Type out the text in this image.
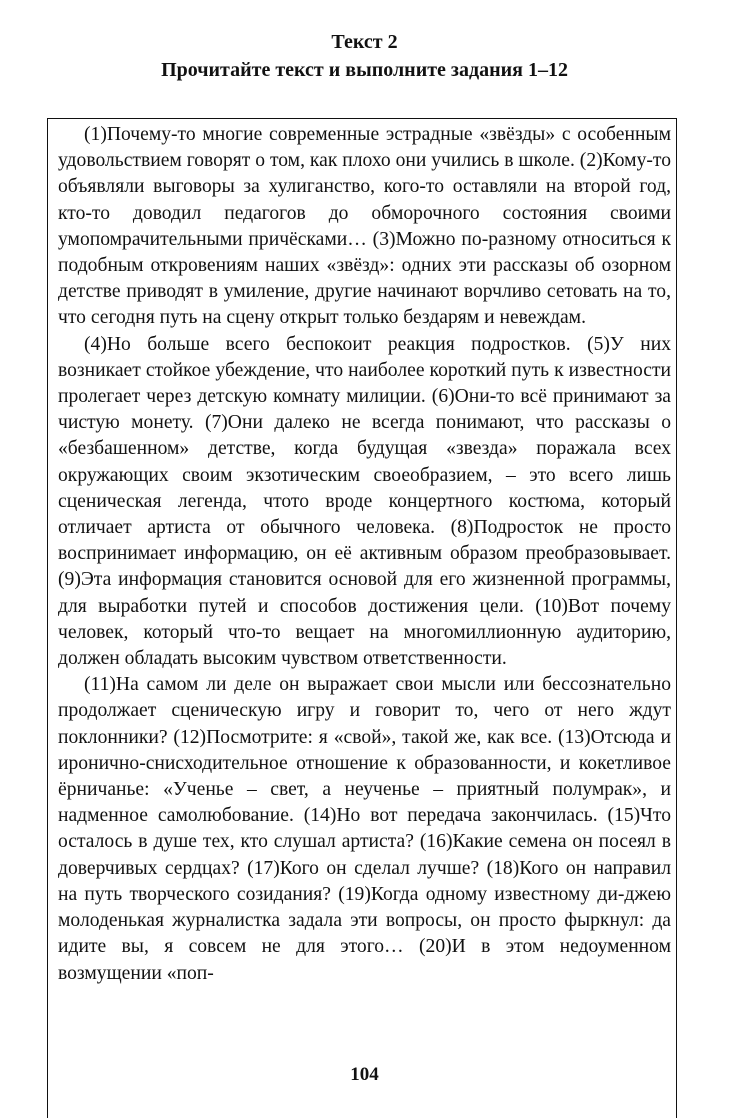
Текст 2
Прочитайте текст и выполните задания 1–12

(1)Почему-то многие современные эстрадные «звёзды» с особенным удовольствием говорят о том, как плохо они учились в школе. (2)Кому-то объявляли выговоры за хулиганство, кого-то оставляли на второй год, кто-то доводил педагогов до обморочного состояния своими умопомрачительными причёсками… (3)Можно по-разному относиться к подобным откровениям наших «звёзд»: одних эти рассказы об озорном детстве приводят в умиление, другие начинают ворчливо сетовать на то, что сегодня путь на сцену открыт только бездарям и невеждам.

(4)Но больше всего беспокоит реакция подростков. (5)У них возникает стойкое убеждение, что наиболее короткий путь к известности пролегает через детскую комнату милиции. (6)Они-то всё принимают за чистую монету. (7)Они далеко не всегда понимают, что рассказы о «безбашенном» детстве, когда будущая «звезда» поражала всех окружающих своим экзотическим своеобразием, – это всего лишь сценическая легенда, чтото вроде концертного костюма, который отличает артиста от обычного человека. (8)Подросток не просто воспринимает информацию, он её активным образом преобразовывает. (9)Эта информация становится основой для его жизненной программы, для выработки путей и способов достижения цели. (10)Вот почему человек, который что-то вещает на многомиллионную аудиторию, должен обладать высоким чувством ответственности.

(11)На самом ли деле он выражает свои мысли или бессознательно продолжает сценическую игру и говорит то, чего от него ждут поклонники? (12)Посмотрите: я «свой», такой же, как все. (13)Отсюда и иронично-снисходительное отношение к образованности, и кокетливое ёрничанье: «Ученье – свет, а неученье – приятный полумрак», и надменное самолюбование. (14)Но вот передача закончилась. (15)Что осталось в душе тех, кто слушал артиста? (16)Какие семена он посеял в доверчивых сердцах? (17)Кого он сделал лучше? (18)Кого он направил на путь творческого созидания? (19)Когда одному известному ди-джею молоденькая журналистка задала эти вопросы, он просто фыркнул: да идите вы, я совсем не для этого… (20)И в этом недоуменном возмущении «поп-

104
